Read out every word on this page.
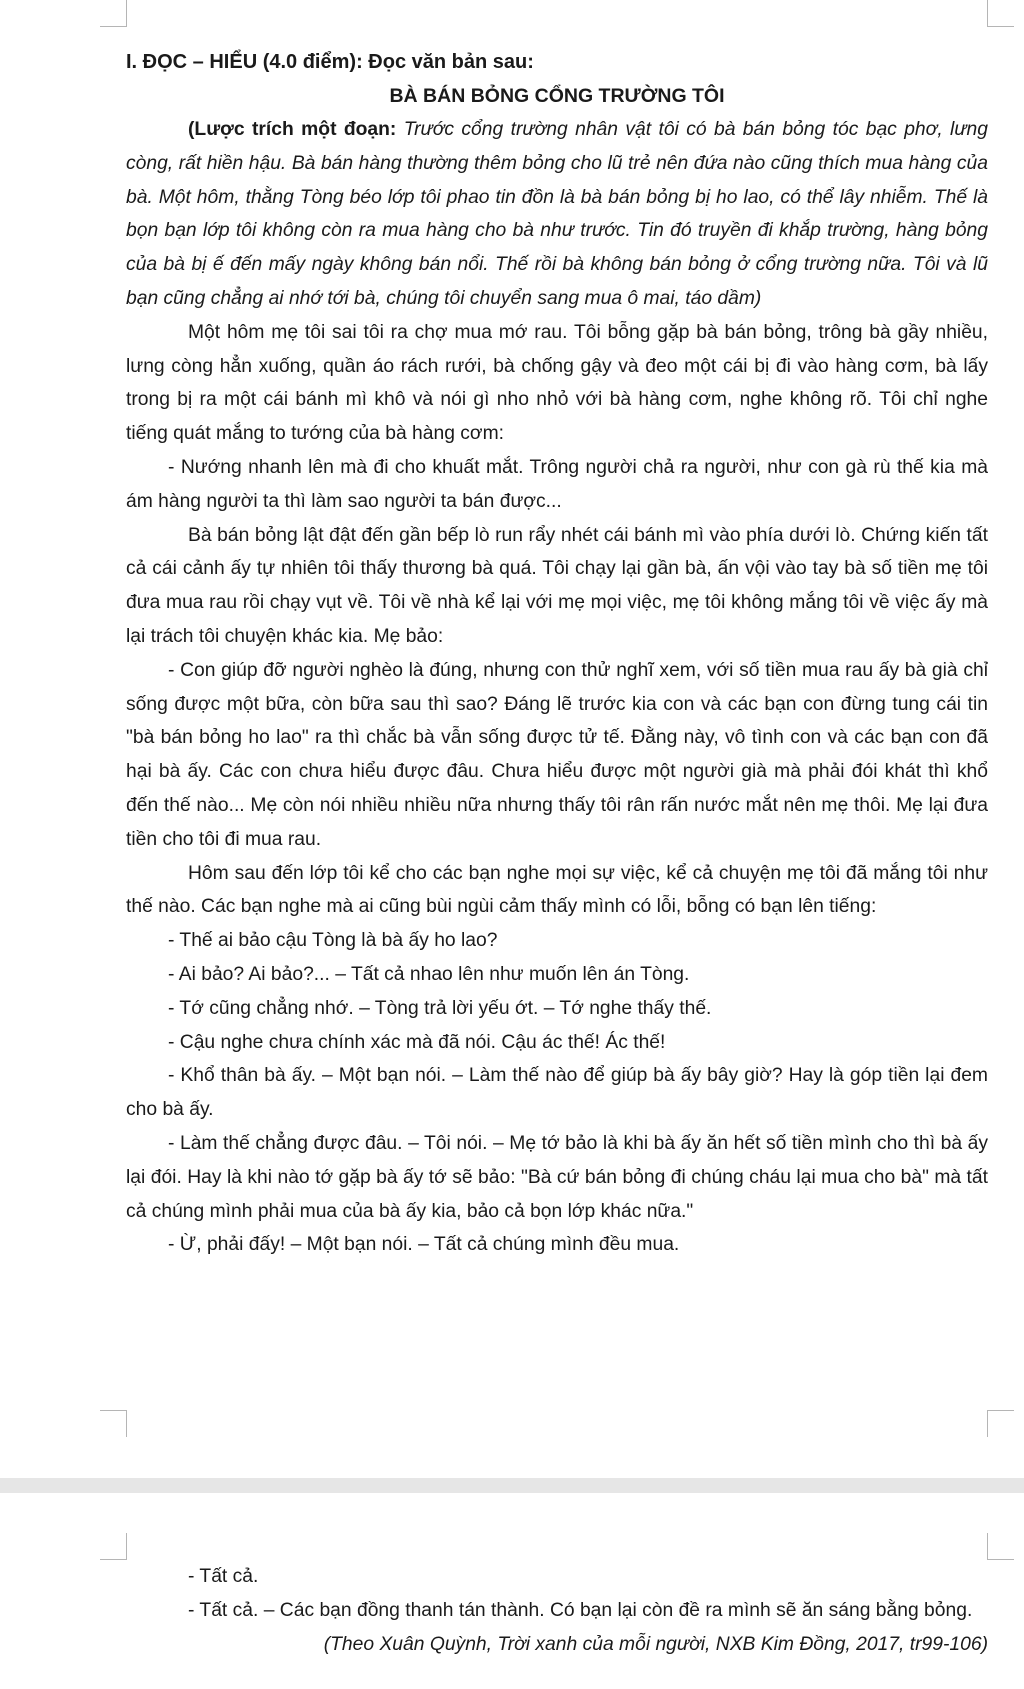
I. ĐỌC – HIỂU (4.0 điểm): Đọc văn bản sau:

BÀ BÁN BỎNG CỔNG TRƯỜNG TÔI

(Lược trích một đoạn: Trước cổng trường nhân vật tôi có bà bán bỏng tóc bạc phơ, lưng còng, rất hiền hậu. Bà bán hàng thường thêm bỏng cho lũ trẻ nên đứa nào cũng thích mua hàng của bà. Một hôm, thằng Tòng béo lớp tôi phao tin đồn là bà bán bỏng bị ho lao, có thể lây nhiễm. Thế là bọn bạn lớp tôi không còn ra mua hàng cho bà như trước. Tin đó truyền đi khắp trường, hàng bỏng của bà bị ế đến mấy ngày không bán nổi. Thế rồi bà không bán bỏng ở cổng trường nữa. Tôi và lũ bạn cũng chẳng ai nhớ tới bà, chúng tôi chuyển sang mua ô mai, táo dầm)

Một hôm mẹ tôi sai tôi ra chợ mua mớ rau. Tôi bỗng gặp bà bán bỏng, trông bà gầy nhiều, lưng còng hẳn xuống, quần áo rách rưới, bà chống gậy và đeo một cái bị đi vào hàng cơm, bà lấy trong bị ra một cái bánh mì khô và nói gì nho nhỏ với bà hàng cơm, nghe không rõ. Tôi chỉ nghe tiếng quát mắng to tướng của bà hàng cơm:

- Nướng nhanh lên mà đi cho khuất mắt. Trông người chả ra người, như con gà rù thế kia mà ám hàng người ta thì làm sao người ta bán được...

Bà bán bỏng lật đật đến gần bếp lò run rẩy nhét cái bánh mì vào phía dưới lò. Chứng kiến tất cả cái cảnh ấy tự nhiên tôi thấy thương bà quá. Tôi chạy lại gần bà, ấn vội vào tay bà số tiền mẹ tôi đưa mua rau rồi chạy vụt về. Tôi về nhà kể lại với mẹ mọi việc, mẹ tôi không mắng tôi về việc ấy mà lại trách tôi chuyện khác kia. Mẹ bảo:

- Con giúp đỡ người nghèo là đúng, nhưng con thử nghĩ xem, với số tiền mua rau ấy bà già chỉ sống được một bữa, còn bữa sau thì sao? Đáng lẽ trước kia con và các bạn con đừng tung cái tin "bà bán bỏng ho lao" ra thì chắc bà vẫn sống được tử tế. Đằng này, vô tình con và các bạn con đã hại bà ấy. Các con chưa hiểu được đâu. Chưa hiểu được một người già mà phải đói khát thì khổ đến thế nào... Mẹ còn nói nhiều nhiều nữa nhưng thấy tôi rân rấn nước mắt nên mẹ thôi. Mẹ lại đưa tiền cho tôi đi mua rau.

Hôm sau đến lớp tôi kể cho các bạn nghe mọi sự việc, kể cả chuyện mẹ tôi đã mắng tôi như thế nào. Các bạn nghe mà ai cũng bùi ngùi cảm thấy mình có lỗi, bỗng có bạn lên tiếng:

- Thế ai bảo cậu Tòng là bà ấy ho lao?

- Ai bảo? Ai bảo?... – Tất cả nhao lên như muốn lên án Tòng.

- Tớ cũng chẳng nhớ. – Tòng trả lời yếu ớt. – Tớ nghe thấy thế.

- Cậu nghe chưa chính xác mà đã nói. Cậu ác thế! Ác thế!

- Khổ thân bà ấy. – Một bạn nói. – Làm thế nào để giúp bà ấy bây giờ? Hay là góp tiền lại đem cho bà ấy.

- Làm thế chẳng được đâu. – Tôi nói. – Mẹ tớ bảo là khi bà ấy ăn hết số tiền mình cho thì bà ấy lại đói. Hay là khi nào tớ gặp bà ấy tớ sẽ bảo: "Bà cứ bán bỏng đi chúng cháu lại mua cho bà" mà tất cả chúng mình phải mua của bà ấy kia, bảo cả bọn lớp khác nữa."

- Ừ, phải đấy! – Một bạn nói. – Tất cả chúng mình đều mua.

- Tất cả.

- Tất cả. – Các bạn đồng thanh tán thành. Có bạn lại còn đề ra mình sẽ ăn sáng bằng bỏng.

(Theo Xuân Quỳnh, Trời xanh của mỗi người, NXB Kim Đồng, 2017, tr99-106)
